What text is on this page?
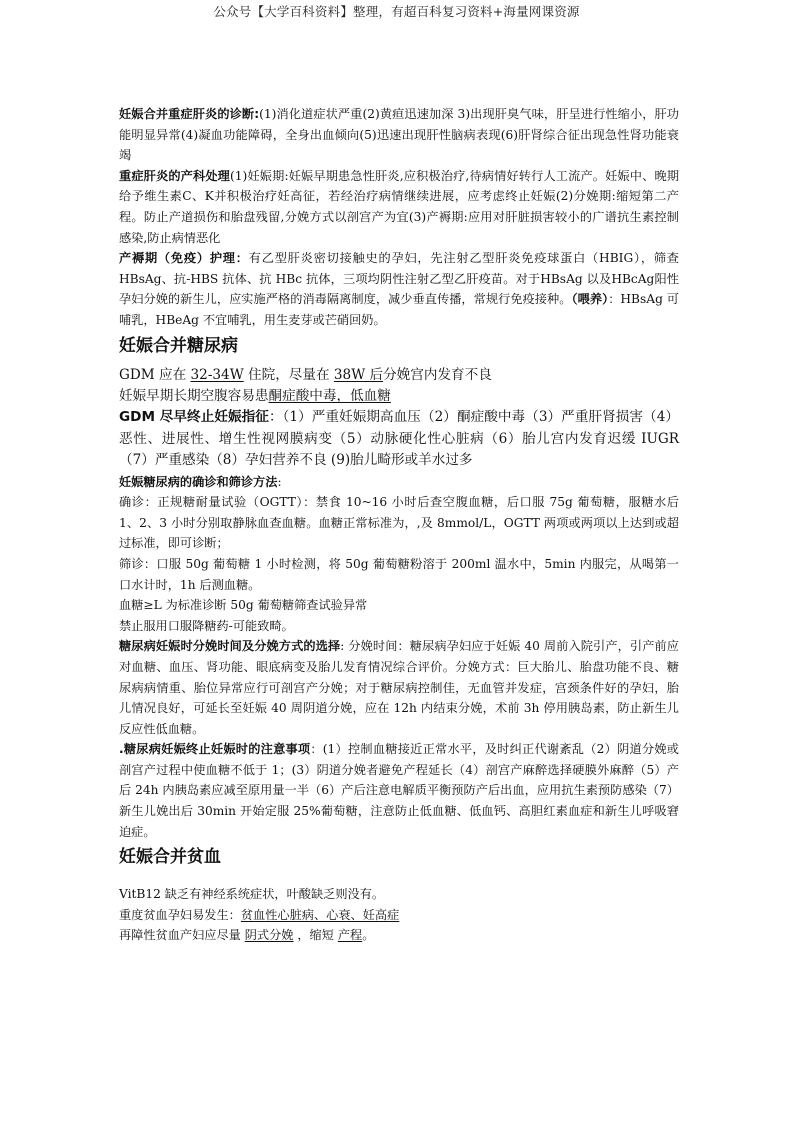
公众号【大学百科资料】整理，有超百科复习资料+海量网课资源

妊娠合并重症肝炎的诊断:(1)消化道症状严重(2)黄疸迅速加深 3)出现肝臭气味，肝呈进行性缩小，肝功能明显异常(4)凝血功能障碍，全身出血倾向(5)迅速出现肝性脑病表现(6)肝肾综合征出现急性肾功能衰竭

重症肝炎的产科处理(1)妊娠期:妊娠早期患急性肝炎,应积极治疗,待病情好转行人工流产。妊娠中、晚期给予维生素C、K并积极治疗妊高征，若经治疗病情继续进展，应考虑终止妊娠(2)分娩期:缩短第二产程。防止产道损伤和胎盘残留,分娩方式以剖宫产为宜(3)产褥期:应用对肝脏损害较小的广谱抗生素控制感染,防止病情恶化

产褥期（免疫）护理：有乙型肝炎密切接触史的孕妇，先注射乙型肝炎免疫球蛋白（HBIG），筛查 HBsAg、抗-HBS 抗体、抗 HBc 抗体，三项均阴性注射乙型乙肝疫苗。对于HBsAg 以及HBcAg阳性孕妇分娩的新生儿，应实施严格的消毒隔离制度，减少垂直传播，常规行免疫接种。（喂养）：HBsAg 可哺乳，HBeAg 不宜哺乳，用生麦芽或芒硝回奶。

妊娠合并糖尿病

GDM 应在 32-34W 住院，尽量在 38W 后分娩宫内发育不良

妊娠早期长期空腹容易患酮症酸中毒，低血糖

GDM 尽早终止妊娠指征：（1）严重妊娠期高血压（2）酮症酸中毒（3）严重肝肾损害（4）恶性、进展性、增生性视网膜病变（5）动脉硬化性心脏病（6）胎儿宫内发育迟缓 IUGR（7）严重感染（8）孕妇营养不良 (9)胎儿畸形或羊水过多

妊娠糖尿病的确诊和筛诊方法:

确诊：正规糖耐量试验（OGTT）：禁食 10~16 小时后查空腹血糖，后口服 75g 葡萄糖，服糖水后 1、2、3 小时分别取静脉血查血糖。血糖正常标准为，,及 8mmol/L，OGTT 两项或两项以上达到或超过标准，即可诊断；

筛诊：口服 50g 葡萄糖 1 小时检测，将 50g 葡萄糖粉溶于 200ml 温水中，5min 内服完，从喝第一口水计时，1h 后测血糖。

血糖≥L 为标准诊断 50g 葡萄糖筛查试验异常

禁止服用口服降糖药-可能致畸。

糖尿病妊娠时分娩时间及分娩方式的选择: 分娩时间：糖尿病孕妇应于妊娠 40 周前入院引产，引产前应对血糖、血压、肾功能、眼底病变及胎儿发育情况综合评价。分娩方式：巨大胎儿、胎盘功能不良、糖尿病病情重、胎位异常应行可剖宫产分娩；对于糖尿病控制佳，无血管并发症，宫颈条件好的孕妇，胎儿情况良好，可延长至妊娠 40 周阴道分娩，应在 12h 内结束分娩，术前 3h 停用胰岛素，防止新生儿反应性低血糖。

.糖尿病妊娠终止妊娠时的注意事项：(1）控制血糖接近正常水平，及时纠正代谢紊乱（2）阴道分娩或剖宫产过程中使血糖不低于 1；(3）阴道分娩者避免产程延长（4）剖宫产麻醉选择硬膜外麻醉（5）产后 24h 内胰岛素应减至原用量一半（6）产后注意电解质平衡预防产后出血，应用抗生素预防感染（7）新生儿娩出后 30min 开始定服 25%葡萄糖，注意防止低血糖、低血钙、高胆红素血症和新生儿呼吸窘迫症。

妊娠合并贫血

VitB12 缺乏有神经系统症状，叶酸缺乏则没有。

重度贫血孕妇易发生：贫血性心脏病、心衰、妊高症

再障性贫血产妇应尽量 阴式分娩 ，缩短 产程。
